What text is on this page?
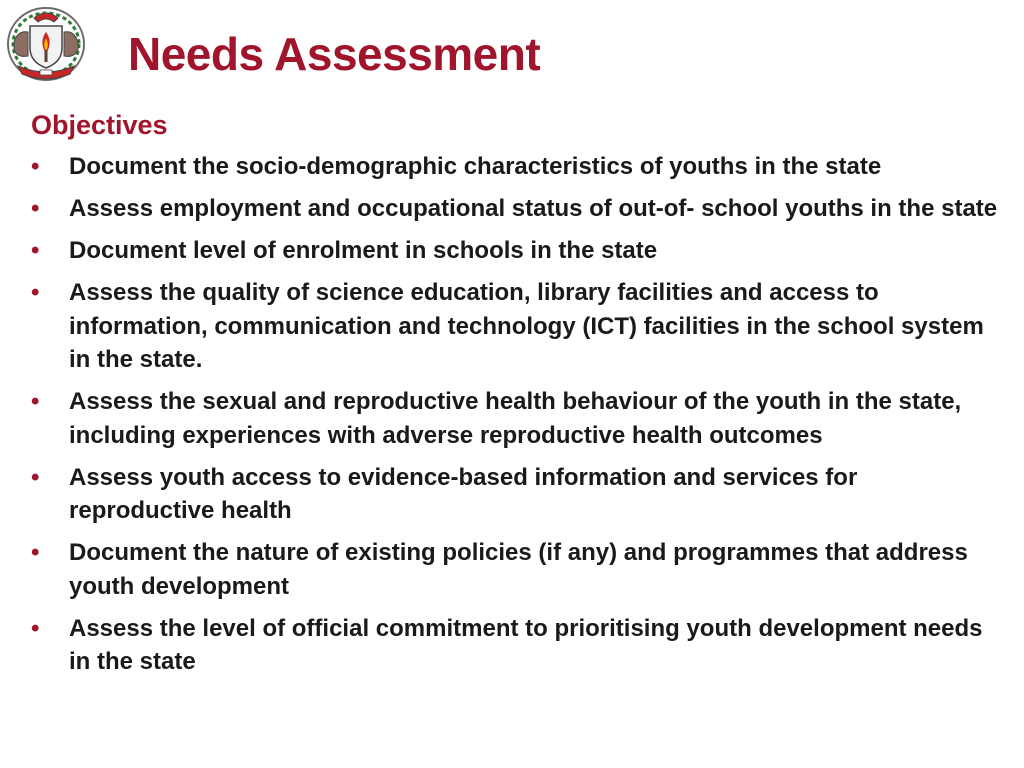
Needs Assessment
Objectives
• Document the socio-demographic characteristics of youths in the state
• Assess employment and occupational status of out-of- school youths in the state
• Document level of enrolment in schools in the state
• Assess the quality of science education, library facilities and access to information, communication and technology (ICT) facilities in the school system in the state.
• Assess the sexual and reproductive health behaviour of the youth in the state, including experiences with adverse reproductive health outcomes
• Assess youth access to evidence-based information and services for reproductive health
• Document the nature of existing policies (if any) and programmes that address youth development
• Assess the level of official commitment to prioritising youth development needs in the state
